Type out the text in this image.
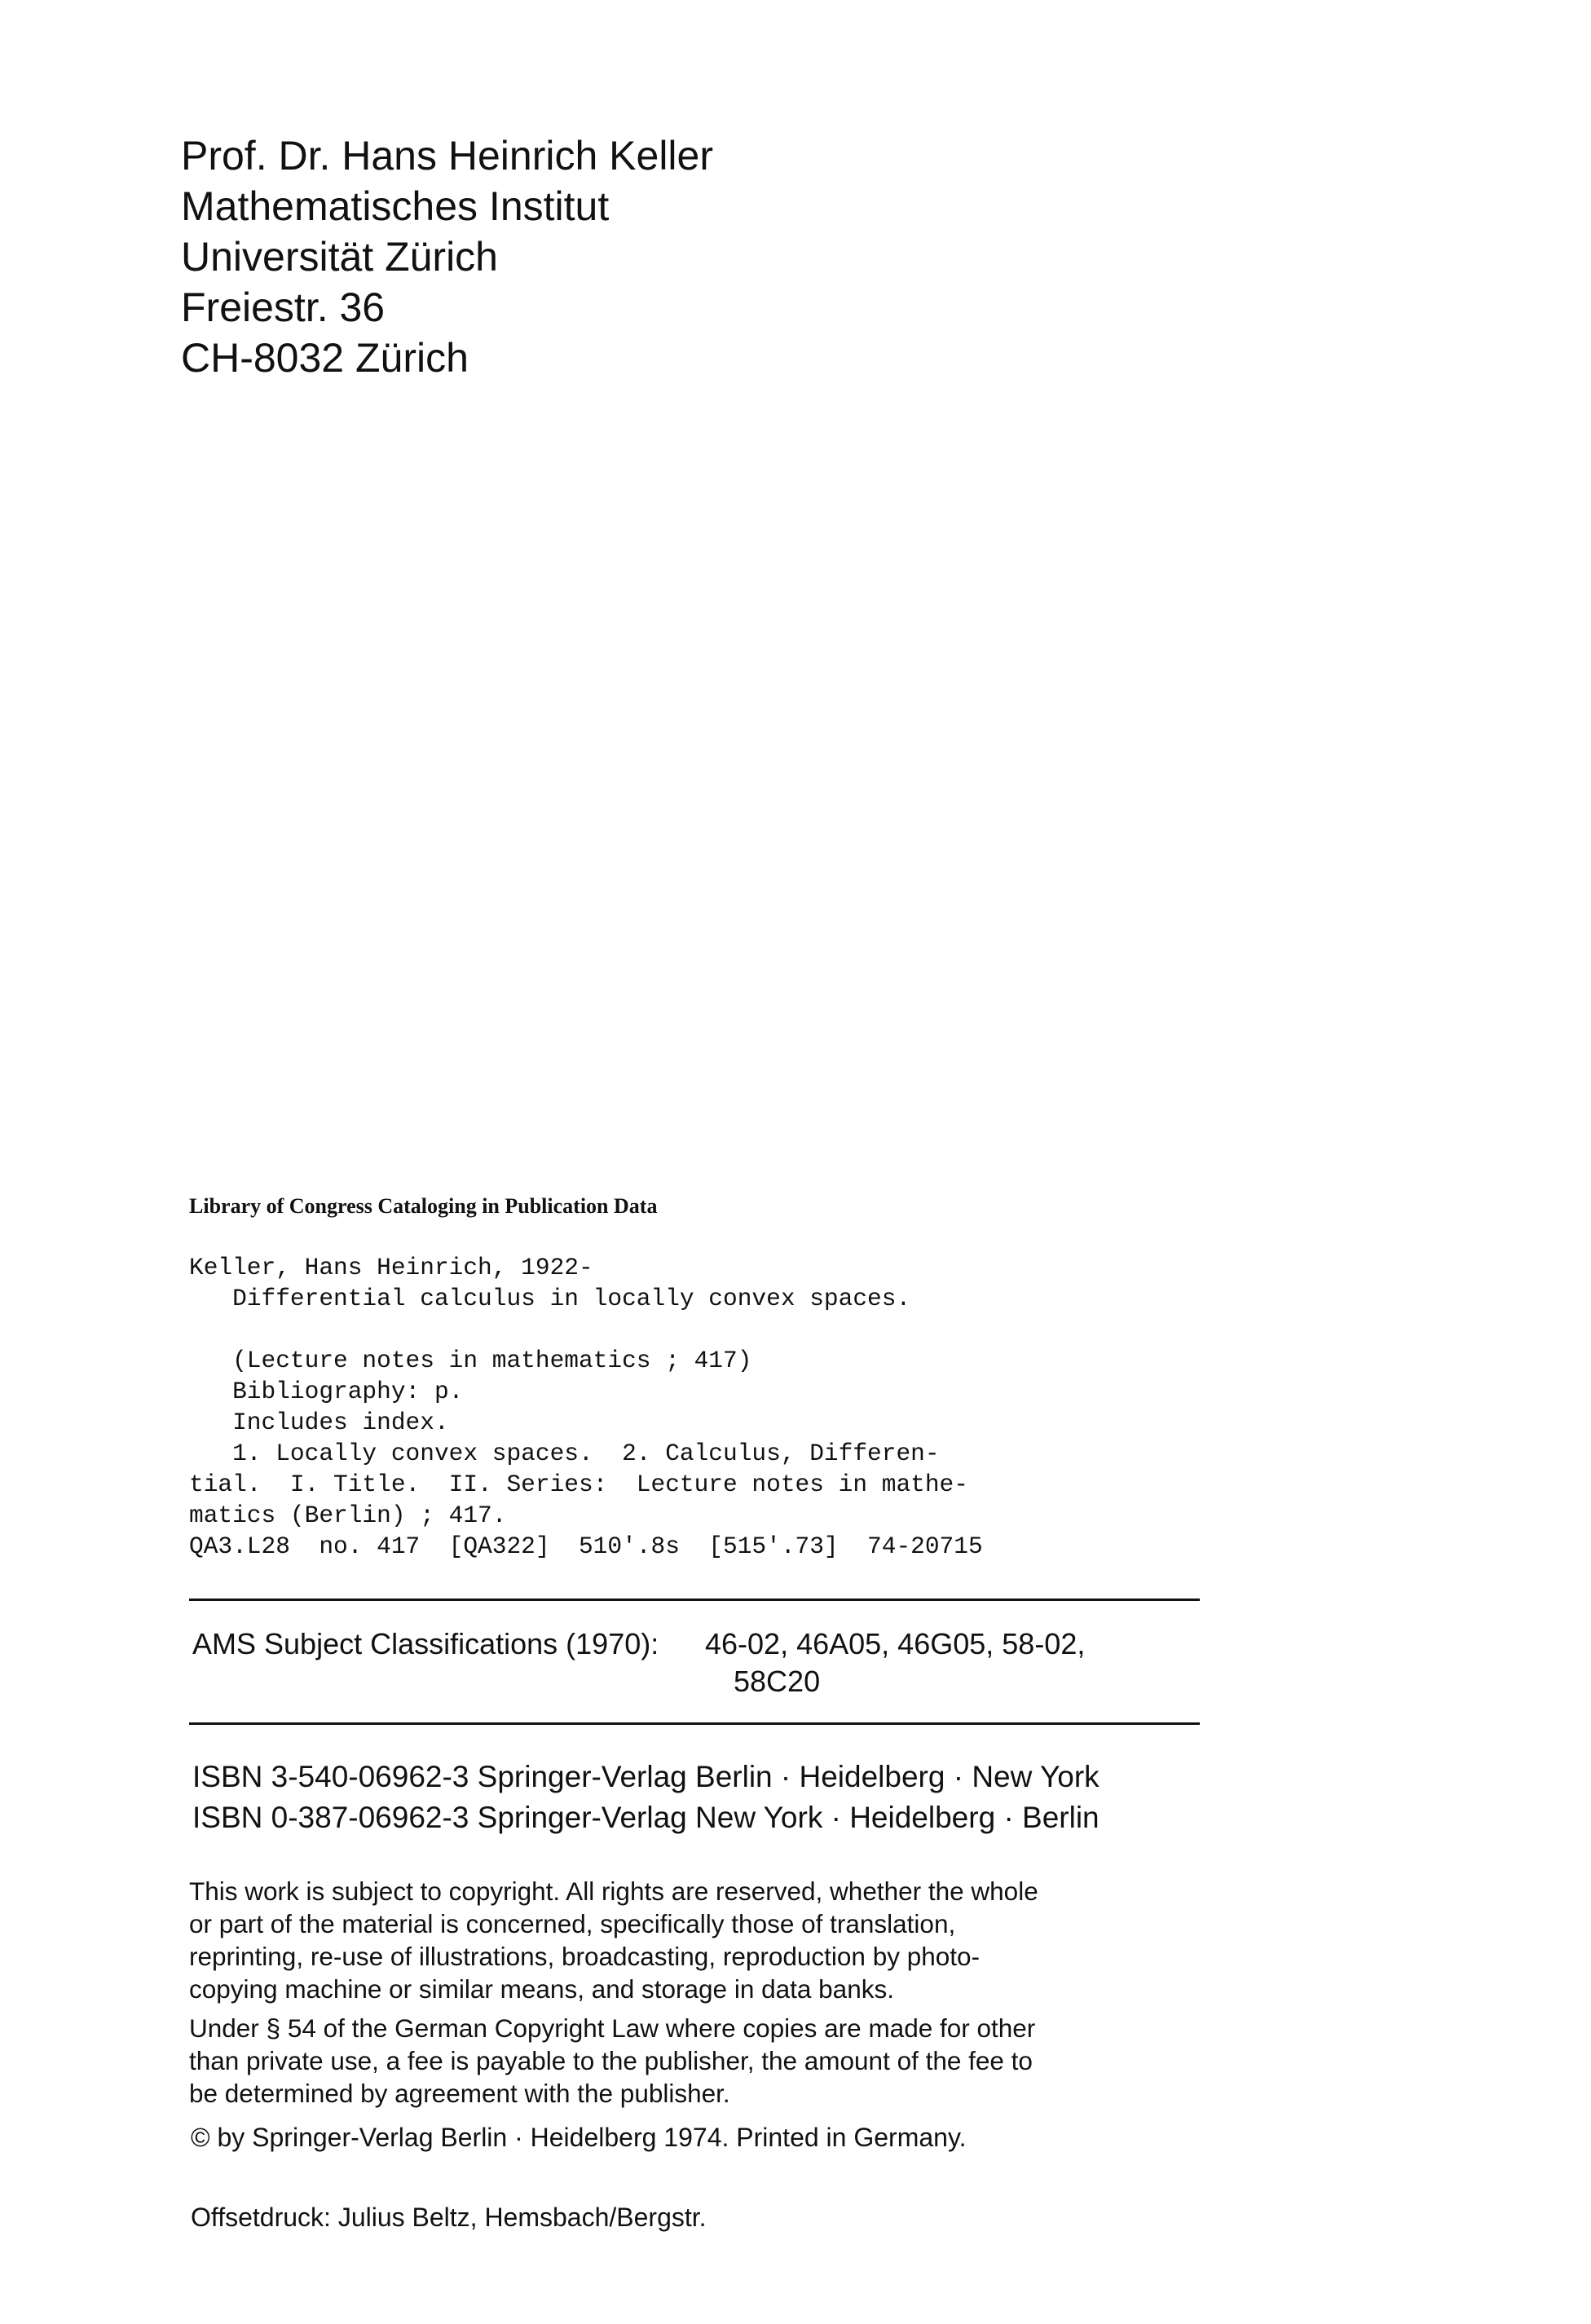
Prof. Dr. Hans Heinrich Keller
Mathematisches Institut
Universität Zürich
Freiestr. 36
CH-8032 Zürich
Library of Congress Cataloging in Publication Data
Keller, Hans Heinrich, 1922-
Differential calculus in locally convex spaces.
(Lecture notes in mathematics ; 417)
Bibliography: p.
Includes index.
1. Locally convex spaces.  2. Calculus, Differen-
tial.  I. Title.  II. Series:  Lecture notes in mathe-
matics (Berlin) ; 417.
QA3.L28  no. 417  [QA322]  510'.8s  [515'.73]  74-20715
AMS Subject Classifications (1970): 46-02, 46A05, 46G05, 58-02,
58C20
ISBN 3-540-06962-3 Springer-Verlag Berlin · Heidelberg · New York
ISBN 0-387-06962-3 Springer-Verlag New York · Heidelberg · Berlin
This work is subject to copyright. All rights are reserved, whether the whole
or part of the material is concerned, specifically those of translation,
reprinting, re-use of illustrations, broadcasting, reproduction by photo-
copying machine or similar means, and storage in data banks.
Under § 54 of the German Copyright Law where copies are made for other
than private use, a fee is payable to the publisher, the amount of the fee to
be determined by agreement with the publisher.
© by Springer-Verlag Berlin · Heidelberg 1974. Printed in Germany.
Offsetdruck: Julius Beltz, Hemsbach/Bergstr.
